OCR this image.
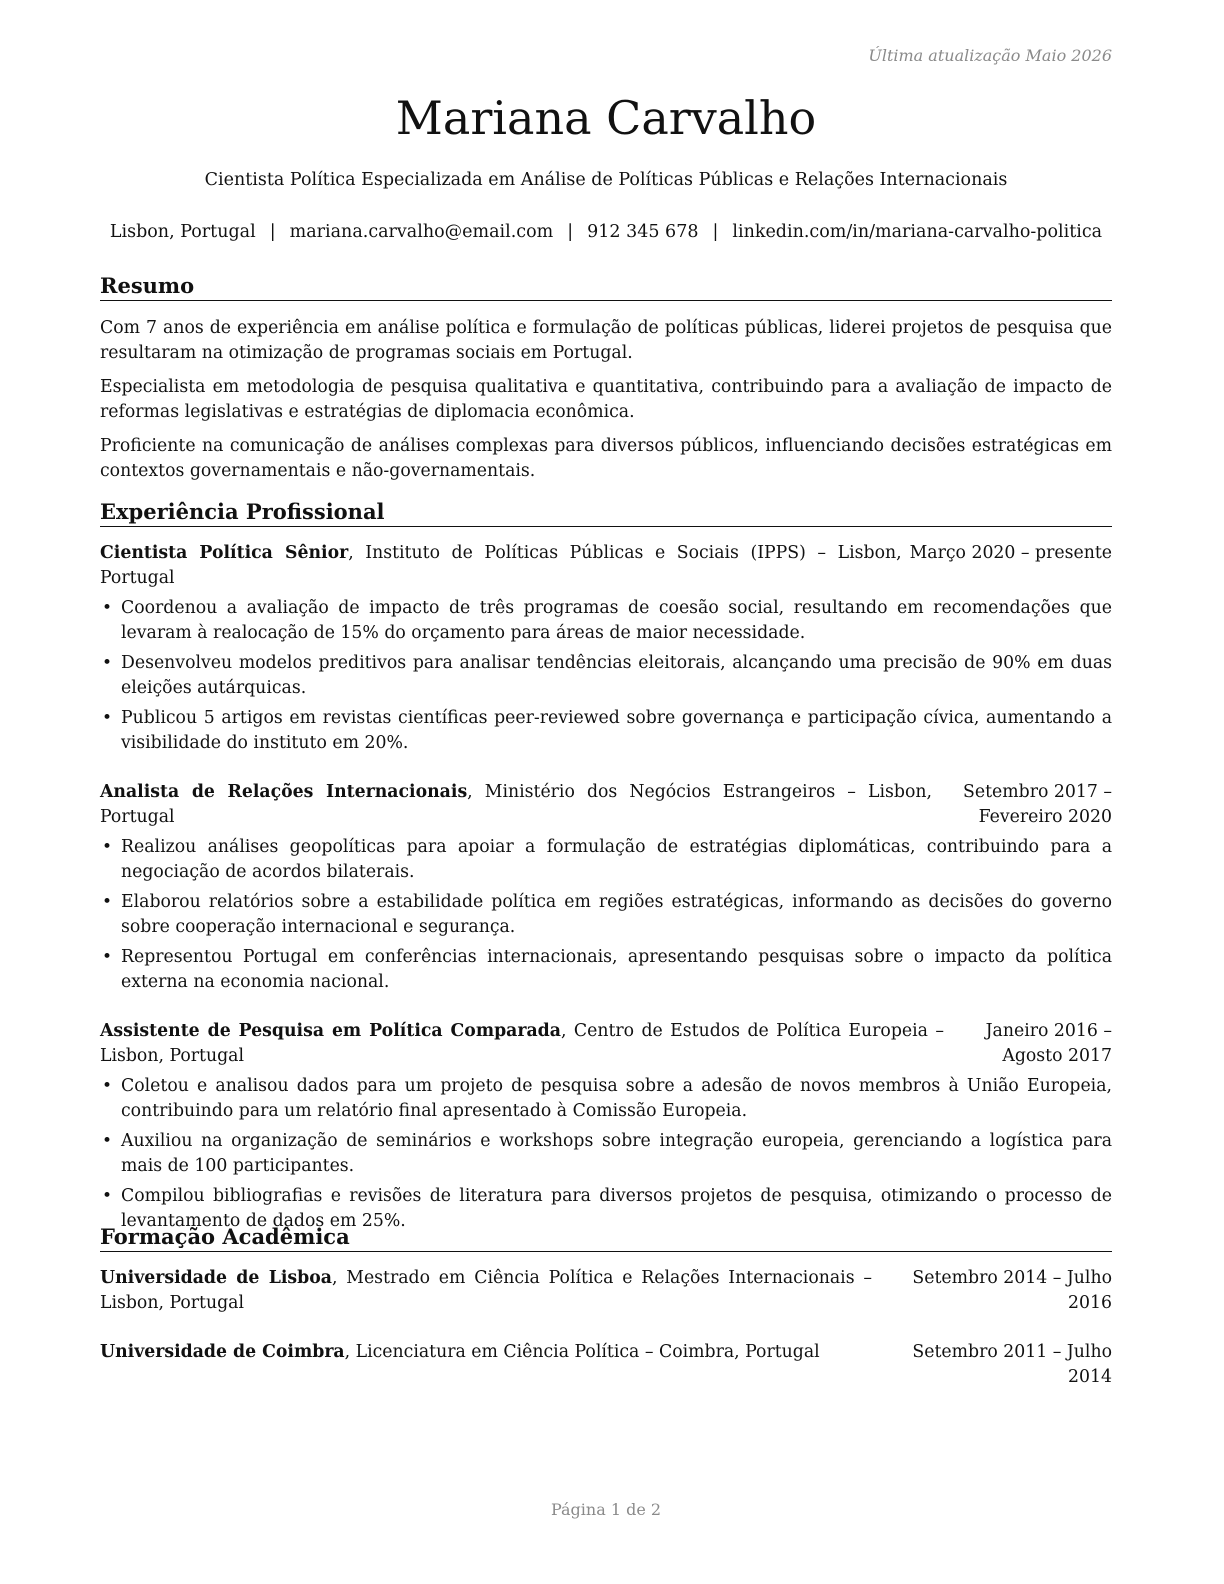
Última atualização Maio 2026
Mariana Carvalho
Cientista Política Especializada em Análise de Políticas Públicas e Relações Internacionais
Lisbon, Portugal | mariana.carvalho@email.com | 912 345 678 | linkedin.com/in/mariana-carvalho-politica
Resumo

Com 7 anos de experiência em análise política e formulação de políticas públicas, liderei projetos de pesquisa que resultaram na otimização de programas sociais em Portugal.

Especialista em metodologia de pesquisa qualitativa e quantitativa, contribuindo para a avaliação de impacto de reformas legislativas e estratégias de diplomacia econômica.

Proficiente na comunicação de análises complexas para diversos públicos, influenciando decisões estratégicas em contextos governamentais e não-governamentais.

Experiência Profissional
Cientista Política Sênior, Instituto de Políticas Públicas e Sociais (IPPS) – Lisbon, Portugal
Março 2020 – presente
• Coordenou a avaliação de impacto de três programas de coesão social, resultando em recomendações que levaram à realocação de 15% do orçamento para áreas de maior necessidade.
• Desenvolveu modelos preditivos para analisar tendências eleitorais, alcançando uma precisão de 90% em duas eleições autárquicas.
• Publicou 5 artigos em revistas científicas peer-reviewed sobre governança e participação cívica, aumentando a visibilidade do instituto em 20%.
Analista de Relações Internacionais, Ministério dos Negócios Estrangeiros – Lisbon, Portugal
Setembro 2017 – Fevereiro 2020
• Realizou análises geopolíticas para apoiar a formulação de estratégias diplomáticas, contribuindo para a negociação de acordos bilaterais.
• Elaborou relatórios sobre a estabilidade política em regiões estratégicas, informando as decisões do governo sobre cooperação internacional e segurança.
• Representou Portugal em conferências internacionais, apresentando pesquisas sobre o impacto da política externa na economia nacional.
Assistente de Pesquisa em Política Comparada, Centro de Estudos de Política Europeia – Lisbon, Portugal
Janeiro 2016 – Agosto 2017
• Coletou e analisou dados para um projeto de pesquisa sobre a adesão de novos membros à União Europeia, contribuindo para um relatório final apresentado à Comissão Europeia.
• Auxiliou na organização de seminários e workshops sobre integração europeia, gerenciando a logística para mais de 100 participantes.
• Compilou bibliografias e revisões de literatura para diversos projetos de pesquisa, otimizando o processo de levantamento de dados em 25%.
Formação Acadêmica
Universidade de Lisboa, Mestrado em Ciência Política e Relações Internacionais – Lisbon, Portugal
Setembro 2014 – Julho 2016
Universidade de Coimbra, Licenciatura em Ciência Política – Coimbra, Portugal	Setembro 2011 – Julho 2014
Página 1 de 2
